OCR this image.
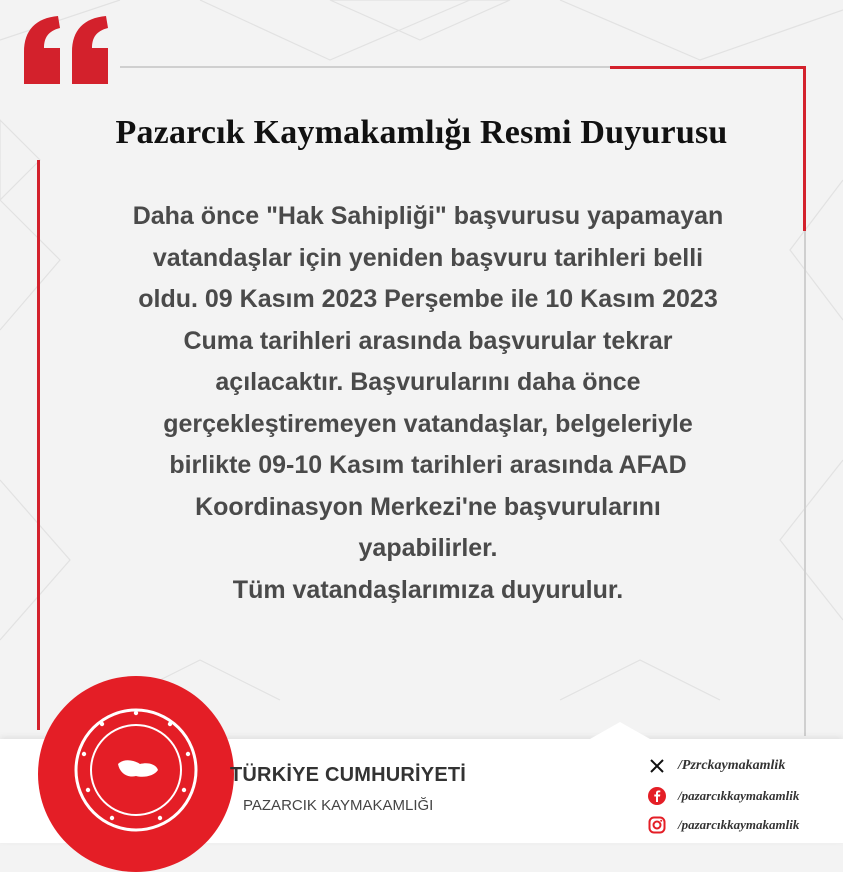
Pazarcık Kaymakamlığı Resmi Duyurusu
Daha önce "Hak Sahipliği" başvurusu yapamayan
vatandaşlar için yeniden başvuru tarihleri belli
oldu. 09 Kasım 2023 Perşembe ile 10 Kasım 2023
Cuma tarihleri arasında başvurular tekrar
açılacaktır. Başvurularını daha önce
gerçekleştiremeyen vatandaşlar, belgeleriyle
birlikte 09-10 Kasım tarihleri arasında AFAD
Koordinasyon Merkezi'ne başvurularını
yapabilirler.
Tüm vatandaşlarımıza duyurulur.
TÜRKİYE CUMHURİYETİ
PAZARCIK KAYMAKAMLIĞI
/Pzrckaymakamlik
/pazarcıkkaymakamlik
/pazarcıkkaymakamlik
